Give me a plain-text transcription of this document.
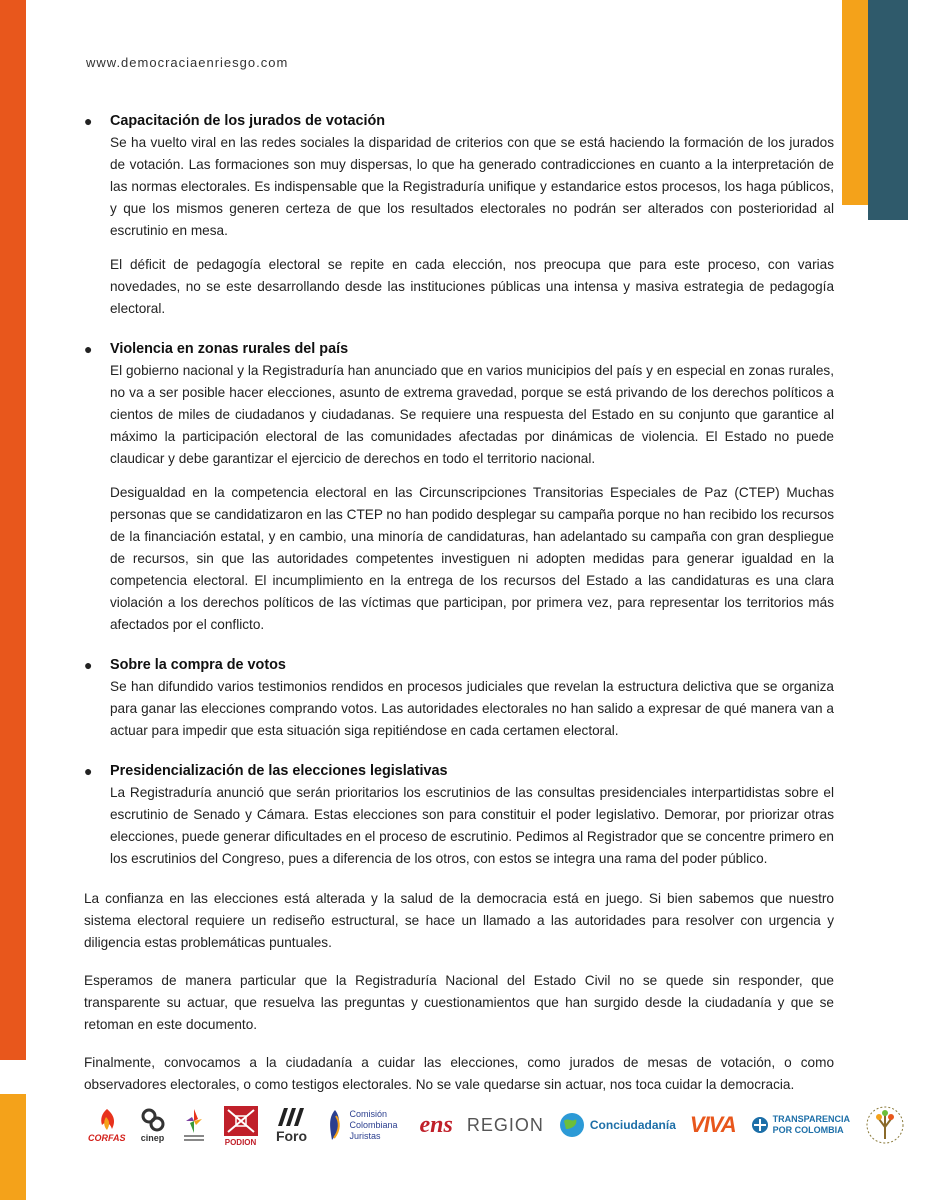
www.democraciaenriesgo.com
● Capacitación de los jurados de votación

Se ha vuelto viral en las redes sociales la disparidad de criterios con que se está haciendo la formación de los jurados de votación. Las formaciones son muy dispersas, lo que ha generado contradicciones en cuanto a la interpretación de las normas electorales. Es indispensable que la Registraduría unifique y estandarice estos procesos, los haga públicos, y que los mismos generen certeza de que los resultados electorales no podrán ser alterados con posterioridad al escrutinio en mesa.

El déficit de pedagogía electoral se repite en cada elección, nos preocupa que para este proceso, con varias novedades, no se este desarrollando desde las instituciones públicas una intensa y masiva estrategia de pedagogía electoral.

● Violencia en zonas rurales del país

El gobierno nacional y la Registraduría han anunciado que en varios municipios del país y en especial en zonas rurales, no va a ser posible hacer elecciones, asunto de extrema gravedad, porque se está privando de los derechos políticos a cientos de miles de ciudadanos y ciudadanas. Se requiere una respuesta del Estado en su conjunto que garantice al máximo la participación electoral de las comunidades afectadas por dinámicas de violencia. El Estado no puede claudicar y debe garantizar el ejercicio de derechos en todo el territorio nacional.

Desigualdad en la competencia electoral en las Circunscripciones Transitorias Especiales de Paz (CTEP) Muchas personas que se candidatizaron en las CTEP no han podido desplegar su campaña porque no han recibido los recursos de la financiación estatal, y en cambio, una minoría de candidaturas, han adelantado su campaña con gran despliegue de recursos, sin que las autoridades competentes investiguen ni adopten medidas para generar igualdad en la competencia electoral. El incumplimiento en la entrega de los recursos del Estado a las candidaturas es una clara violación a los derechos políticos de las víctimas que participan, por primera vez, para representar los territorios más afectados por el conflicto.

● Sobre la compra de votos

Se han difundido varios testimonios rendidos en procesos judiciales que revelan la estructura delictiva que se organiza para ganar las elecciones comprando votos. Las autoridades electorales no han salido a expresar de qué manera van a actuar para impedir que esta situación siga repitiéndose en cada certamen electoral.

● Presidencialización de las elecciones legislativas

La Registraduría anunció que serán prioritarios los escrutinios de las consultas presidenciales interpartidistas sobre el escrutinio de Senado y Cámara. Estas elecciones son para constituir el poder legislativo. Demorar, por priorizar otras elecciones, puede generar dificultades en el proceso de escrutinio. Pedimos al Registrador que se concentre primero en los escrutinios del Congreso, pues a diferencia de los otros, con estos se integra una rama del poder público.

La confianza en las elecciones está alterada y la salud de la democracia está en juego. Si bien sabemos que nuestro sistema electoral requiere un rediseño estructural, se hace un llamado a las autoridades para resolver con urgencia y diligencia estas problemáticas puntuales.

Esperamos de manera particular que la Registraduría Nacional del Estado Civil no se quede sin responder, que transparente su actuar, que resuelva las preguntas y cuestionamientos que han surgido desde la ciudadanía y que se retoman en este documento.

Finalmente, convocamos a la ciudadanía a cuidar las elecciones, como jurados de mesas de votación, o como observadores electorales, o como testigos electorales. No se vale quedarse sin actuar, nos toca cuidar la democracia.

CORFAS cinep	PODION Foro
Comisión Colombiana Juristas	ens REGION	Conciudadanía VIVA	TRANSPARENCIA POR COLOMBIA
